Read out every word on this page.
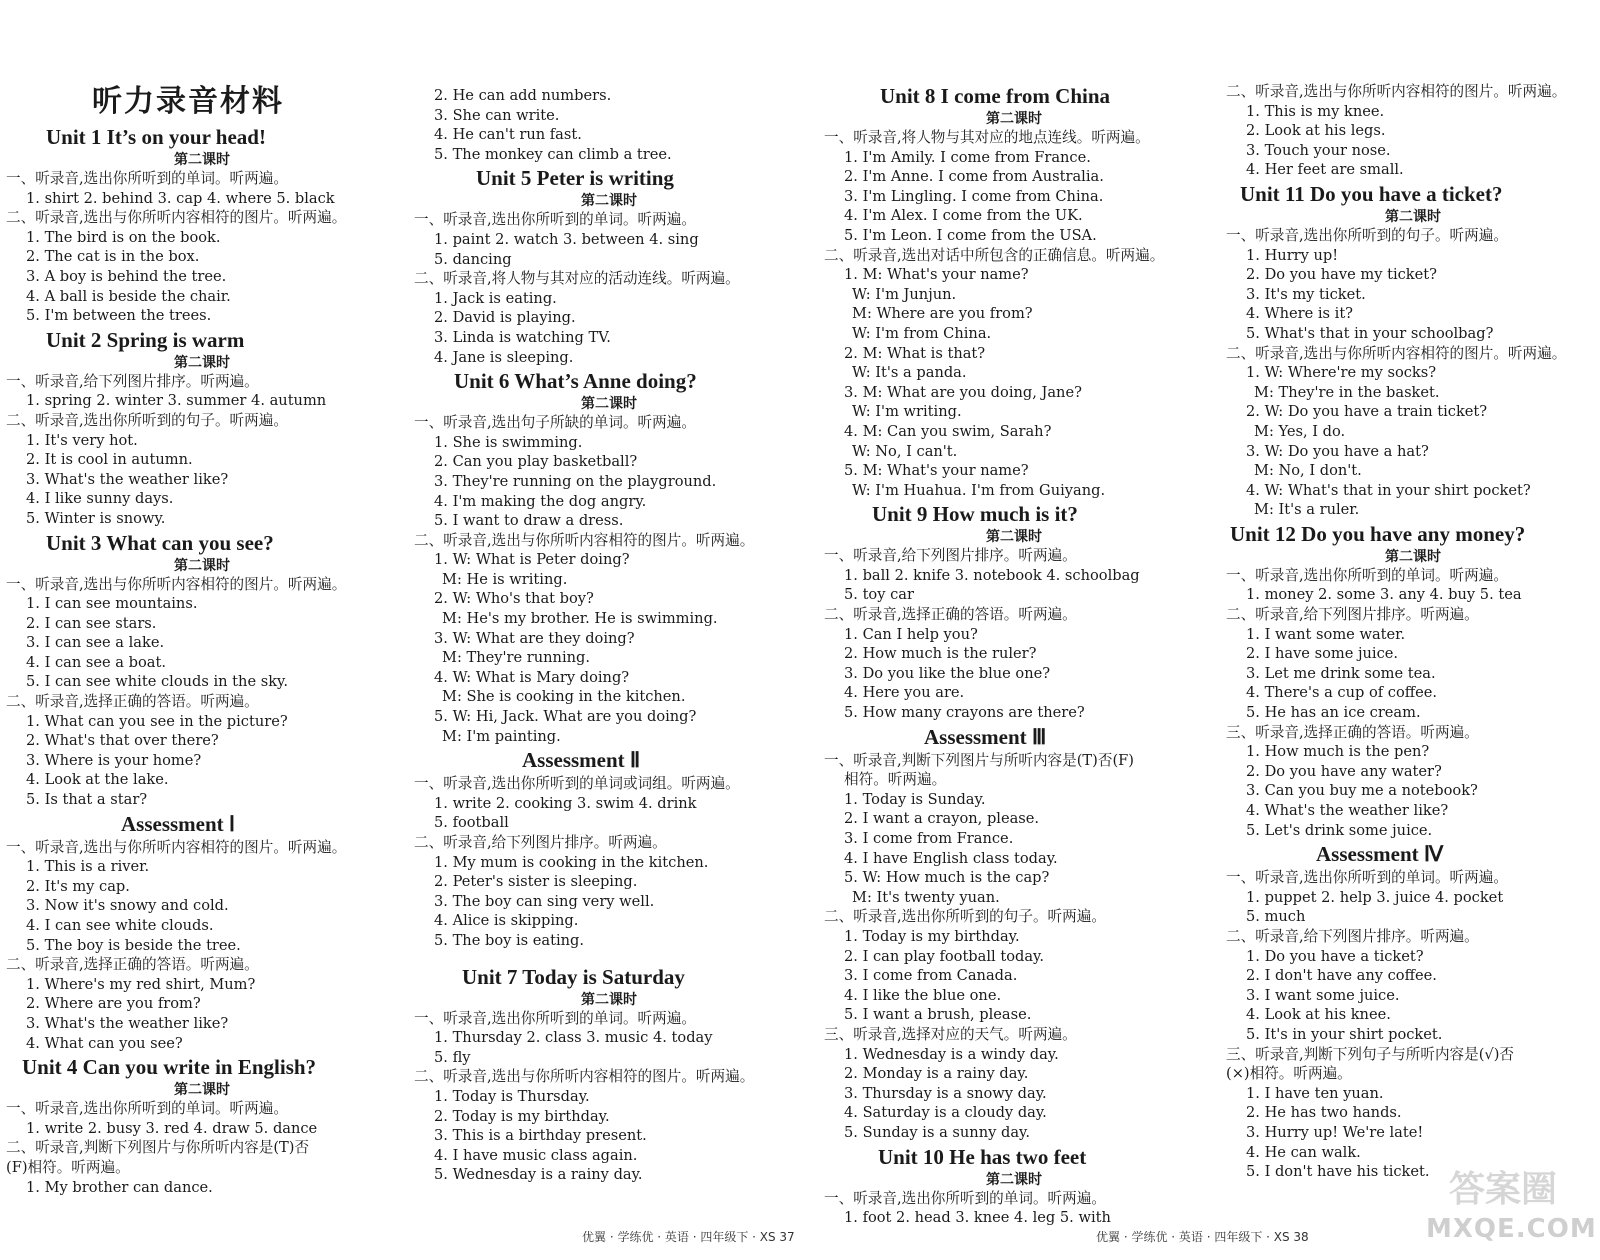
听力录音材料
Unit 1 It’s on your head!
第二课时
一、听录音,选出你所听到的单词。听两遍。
1. shirt 2. behind 3. cap 4. where 5. black
二、听录音,选出与你所听内容相符的图片。听两遍。
1. The bird is on the book.
2. The cat is in the box.
3. A boy is behind the tree.
4. A ball is beside the chair.
5. I'm between the trees.
Unit 2 Spring is warm
第二课时
一、听录音,给下列图片排序。听两遍。
1. spring 2. winter 3. summer 4. autumn
二、听录音,选出你所听到的句子。听两遍。
1. It's very hot.
2. It is cool in autumn.
3. What's the weather like?
4. I like sunny days.
5. Winter is snowy.
Unit 3 What can you see?
第二课时
一、听录音,选出与你所听内容相符的图片。听两遍。
1. I can see mountains.
2. I can see stars.
3. I can see a lake.
4. I can see a boat.
5. I can see white clouds in the sky.
二、听录音,选择正确的答语。听两遍。
1. What can you see in the picture?
2. What's that over there?
3. Where is your home?
4. Look at the lake.
5. Is that a star?
Assessment Ⅰ
一、听录音,选出与你所听内容相符的图片。听两遍。
1. This is a river.
2. It's my cap.
3. Now it's snowy and cold.
4. I can see white clouds.
5. The boy is beside the tree.
二、听录音,选择正确的答语。听两遍。
1. Where's my red shirt, Mum?
2. Where are you from?
3. What's the weather like?
4. What can you see?
Unit 4 Can you write in English?
第二课时
一、听录音,选出你所听到的单词。听两遍。
1. write 2. busy 3. red 4. draw 5. dance
二、听录音,判断下列图片与你所听内容是(T)否
(F)相符。听两遍。
1. My brother can dance.
2. He can add numbers.
3. She can write.
4. He can't run fast.
5. The monkey can climb a tree.
Unit 5 Peter is writing
第二课时
一、听录音,选出你所听到的单词。听两遍。
1. paint 2. watch 3. between 4. sing
5. dancing
二、听录音,将人物与其对应的活动连线。听两遍。
1. Jack is eating.
2. David is playing.
3. Linda is watching TV.
4. Jane is sleeping.
Unit 6 What’s Anne doing?
第二课时
一、听录音,选出句子所缺的单词。听两遍。
1. She is swimming.
2. Can you play basketball?
3. They're running on the playground.
4. I'm making the dog angry.
5. I want to draw a dress.
二、听录音,选出与你所听内容相符的图片。听两遍。
1. W: What is Peter doing?
M: He is writing.
2. W: Who's that boy?
M: He's my brother. He is swimming.
3. W: What are they doing?
M: They're running.
4. W: What is Mary doing?
M: She is cooking in the kitchen.
5. W: Hi, Jack. What are you doing?
M: I'm painting.
Assessment Ⅱ
一、听录音,选出你所听到的单词或词组。听两遍。
1. write 2. cooking 3. swim 4. drink
5. football
二、听录音,给下列图片排序。听两遍。
1. My mum is cooking in the kitchen.
2. Peter's sister is sleeping.
3. The boy can sing very well.
4. Alice is skipping.
5. The boy is eating.
Unit 7 Today is Saturday
第二课时
一、听录音,选出你所听到的单词。听两遍。
1. Thursday 2. class 3. music 4. today
5. fly
二、听录音,选出与你所听内容相符的图片。听两遍。
1. Today is Thursday.
2. Today is my birthday.
3. This is a birthday present.
4. I have music class again.
5. Wednesday is a rainy day.
Unit 8 I come from China
第二课时
一、听录音,将人物与其对应的地点连线。听两遍。
1. I'm Amily. I come from France.
2. I'm Anne. I come from Australia.
3. I'm Lingling. I come from China.
4. I'm Alex. I come from the UK.
5. I'm Leon. I come from the USA.
二、听录音,选出对话中所包含的正确信息。听两遍。
1. M: What's your name?
W: I'm Junjun.
M: Where are you from?
W: I'm from China.
2. M: What is that?
W: It's a panda.
3. M: What are you doing, Jane?
W: I'm writing.
4. M: Can you swim, Sarah?
W: No, I can't.
5. M: What's your name?
W: I'm Huahua. I'm from Guiyang.
Unit 9 How much is it?
第二课时
一、听录音,给下列图片排序。听两遍。
1. ball 2. knife 3. notebook 4. schoolbag
5. toy car
二、听录音,选择正确的答语。听两遍。
1. Can I help you?
2. How much is the ruler?
3. Do you like the blue one?
4. Here you are.
5. How many crayons are there?
Assessment Ⅲ
一、听录音,判断下列图片与所听内容是(T)否(F)
相符。听两遍。
1. Today is Sunday.
2. I want a crayon, please.
3. I come from France.
4. I have English class today.
5. W: How much is the cap?
M: It's twenty yuan.
二、听录音,选出你所听到的句子。听两遍。
1. Today is my birthday.
2. I can play football today.
3. I come from Canada.
4. I like the blue one.
5. I want a brush, please.
三、听录音,选择对应的天气。听两遍。
1. Wednesday is a windy day.
2. Monday is a rainy day.
3. Thursday is a snowy day.
4. Saturday is a cloudy day.
5. Sunday is a sunny day.
Unit 10 He has two feet
第二课时
一、听录音,选出你所听到的单词。听两遍。
1. foot 2. head 3. knee 4. leg 5. with
二、听录音,选出与你所听内容相符的图片。听两遍。
1. This is my knee.
2. Look at his legs.
3. Touch your nose.
4. Her feet are small.
Unit 11 Do you have a ticket?
第二课时
一、听录音,选出你所听到的句子。听两遍。
1. Hurry up!
2. Do you have my ticket?
3. It's my ticket.
4. Where is it?
5. What's that in your schoolbag?
二、听录音,选出与你所听内容相符的图片。听两遍。
1. W: Where're my socks?
M: They're in the basket.
2. W: Do you have a train ticket?
M: Yes, I do.
3. W: Do you have a hat?
M: No, I don't.
4. W: What's that in your shirt pocket?
M: It's a ruler.
Unit 12 Do you have any money?
第二课时
一、听录音,选出你所听到的单词。听两遍。
1. money 2. some 3. any 4. buy 5. tea
二、听录音,给下列图片排序。听两遍。
1. I want some water.
2. I have some juice.
3. Let me drink some tea.
4. There's a cup of coffee.
5. He has an ice cream.
三、听录音,选择正确的答语。听两遍。
1. How much is the pen?
2. Do you have any water?
3. Can you buy me a notebook?
4. What's the weather like?
5. Let's drink some juice.
Assessment Ⅳ
一、听录音,选出你所听到的单词。听两遍。
1. puppet 2. help 3. juice 4. pocket
5. much
二、听录音,给下列图片排序。听两遍。
1. Do you have a ticket?
2. I don't have any coffee.
3. I want some juice.
4. Look at his knee.
5. It's in your shirt pocket.
三、听录音,判断下列句子与所听内容是(√)否
(×)相符。听两遍。
1. I have ten yuan.
2. He has two hands.
3. Hurry up! We're late!
4. He can walk.
5. I don't have his ticket.
优翼 · 学练优 · 英语 · 四年级下 · XS 37	优翼 · 学练优 · 英语 · 四年级下 · XS 38
答案圈
MXQE.COM
